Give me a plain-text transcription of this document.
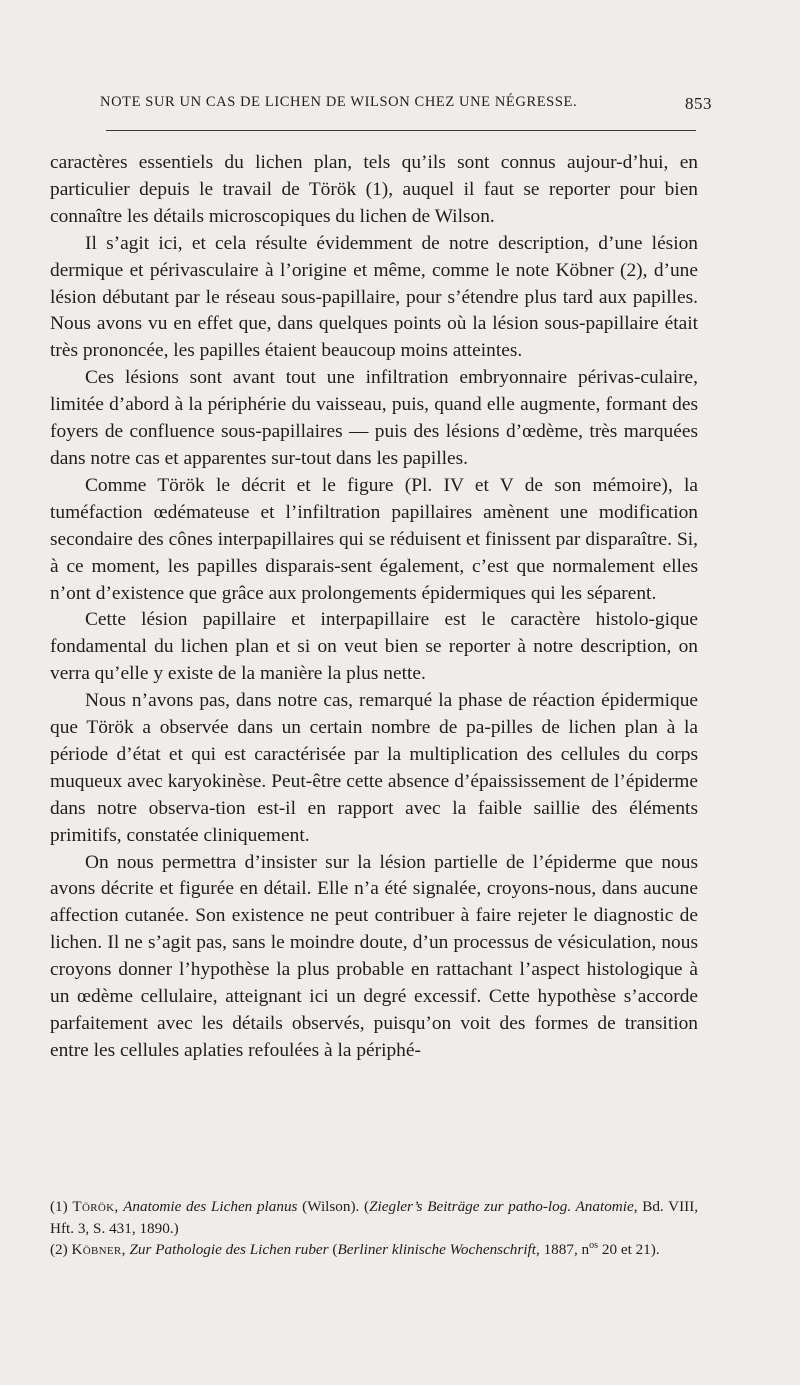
NOTE SUR UN CAS DE LICHEN DE WILSON CHEZ UNE NÉGRESSE.	853

caractères essentiels du lichen plan, tels qu’ils sont connus aujour-d’hui, en particulier depuis le travail de Török (1), auquel il faut se reporter pour bien connaître les détails microscopiques du lichen de Wilson.

Il s’agit ici, et cela résulte évidemment de notre description, d’une lésion dermique et périvasculaire à l’origine et même, comme le note Köbner (2), d’une lésion débutant par le réseau sous-papillaire, pour s’étendre plus tard aux papilles. Nous avons vu en effet que, dans quelques points où la lésion sous-papillaire était très prononcée, les papilles étaient beaucoup moins atteintes.

Ces lésions sont avant tout une infiltration embryonnaire périvas-culaire, limitée d’abord à la périphérie du vaisseau, puis, quand elle augmente, formant des foyers de confluence sous-papillaires — puis des lésions d’œdème, très marquées dans notre cas et apparentes sur-tout dans les papilles.

Comme Török le décrit et le figure (Pl. IV et V de son mémoire), la tuméfaction œdémateuse et l’infiltration papillaires amènent une modification secondaire des cônes interpapillaires qui se réduisent et finissent par disparaître. Si, à ce moment, les papilles disparais-sent également, c’est que normalement elles n’ont d’existence que grâce aux prolongements épidermiques qui les séparent.

Cette lésion papillaire et interpapillaire est le caractère histolo-gique fondamental du lichen plan et si on veut bien se reporter à notre description, on verra qu’elle y existe de la manière la plus nette.

Nous n’avons pas, dans notre cas, remarqué la phase de réaction épidermique que Török a observée dans un certain nombre de pa-pilles de lichen plan à la période d’état et qui est caractérisée par la multiplication des cellules du corps muqueux avec karyokinèse. Peut-être cette absence d’épaississement de l’épiderme dans notre observa-tion est-il en rapport avec la faible saillie des éléments primitifs, constatée cliniquement.

On nous permettra d’insister sur la lésion partielle de l’épiderme que nous avons décrite et figurée en détail. Elle n’a été signalée, croyons-nous, dans aucune affection cutanée. Son existence ne peut contribuer à faire rejeter le diagnostic de lichen. Il ne s’agit pas, sans le moindre doute, d’un processus de vésiculation, nous croyons donner l’hypothèse la plus probable en rattachant l’aspect histologique à un œdème cellulaire, atteignant ici un degré excessif. Cette hypothèse s’accorde parfaitement avec les détails observés, puisqu’on voit des formes de transition entre les cellules aplaties refoulées à la périphé-

(1) Török, Anatomie des Lichen planus (Wilson). (Ziegler’s Beiträge zur patho-log. Anatomie, Bd. VIII, Hft. 3, S. 431, 1890.)

(2) Köbner, Zur Pathologie des Lichen ruber (Berliner klinische Wochenschrift, 1887, n$^{os}$ 20 et 21).
